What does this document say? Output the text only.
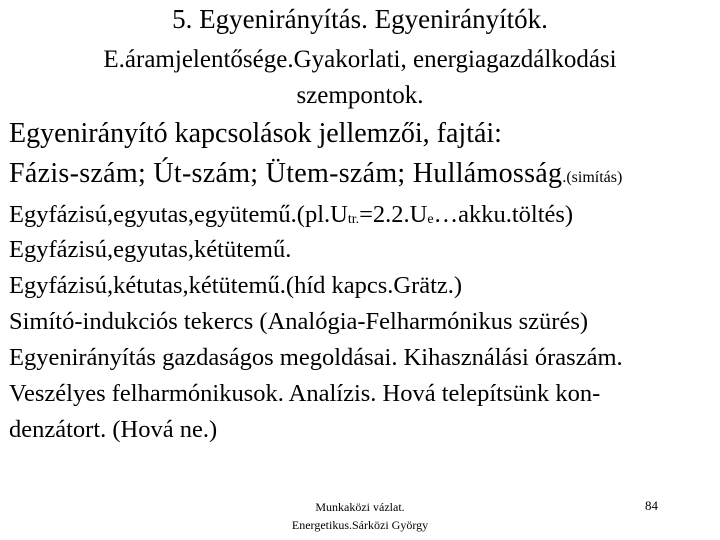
5. Egyenirányítás. Egyenirányítók.
E.áramjelentősége.Gyakorlati, energiagazdálkodási
szempontok.
Egyenirányító kapcsolások jellemzői, fajtái:
Fázis-szám; Út-szám; Ütem-szám; Hullámosság.(simítás)
$Egyfázisú,egyutas,együtemű.(pl.U_{tr.}=2.2.U_e\dots akku.töltés)$
Egyfázisú,egyutas,kétütemű.
Egyfázisú,kétutas,kétütemű.(híd kapcs.Grätz.)
Simító-indukciós tekercs (Analógia-Felharmónikus szürés)
Egyenirányítás gazdaságos megoldásai. Kihasználási óraszám.
Veszélyes felharmónikusok. Analízis. Hová telepítsünk kon-
denzátort. (Hová ne.)
Munkaközi vázlat.
Energetikus.Sárközi György
84
